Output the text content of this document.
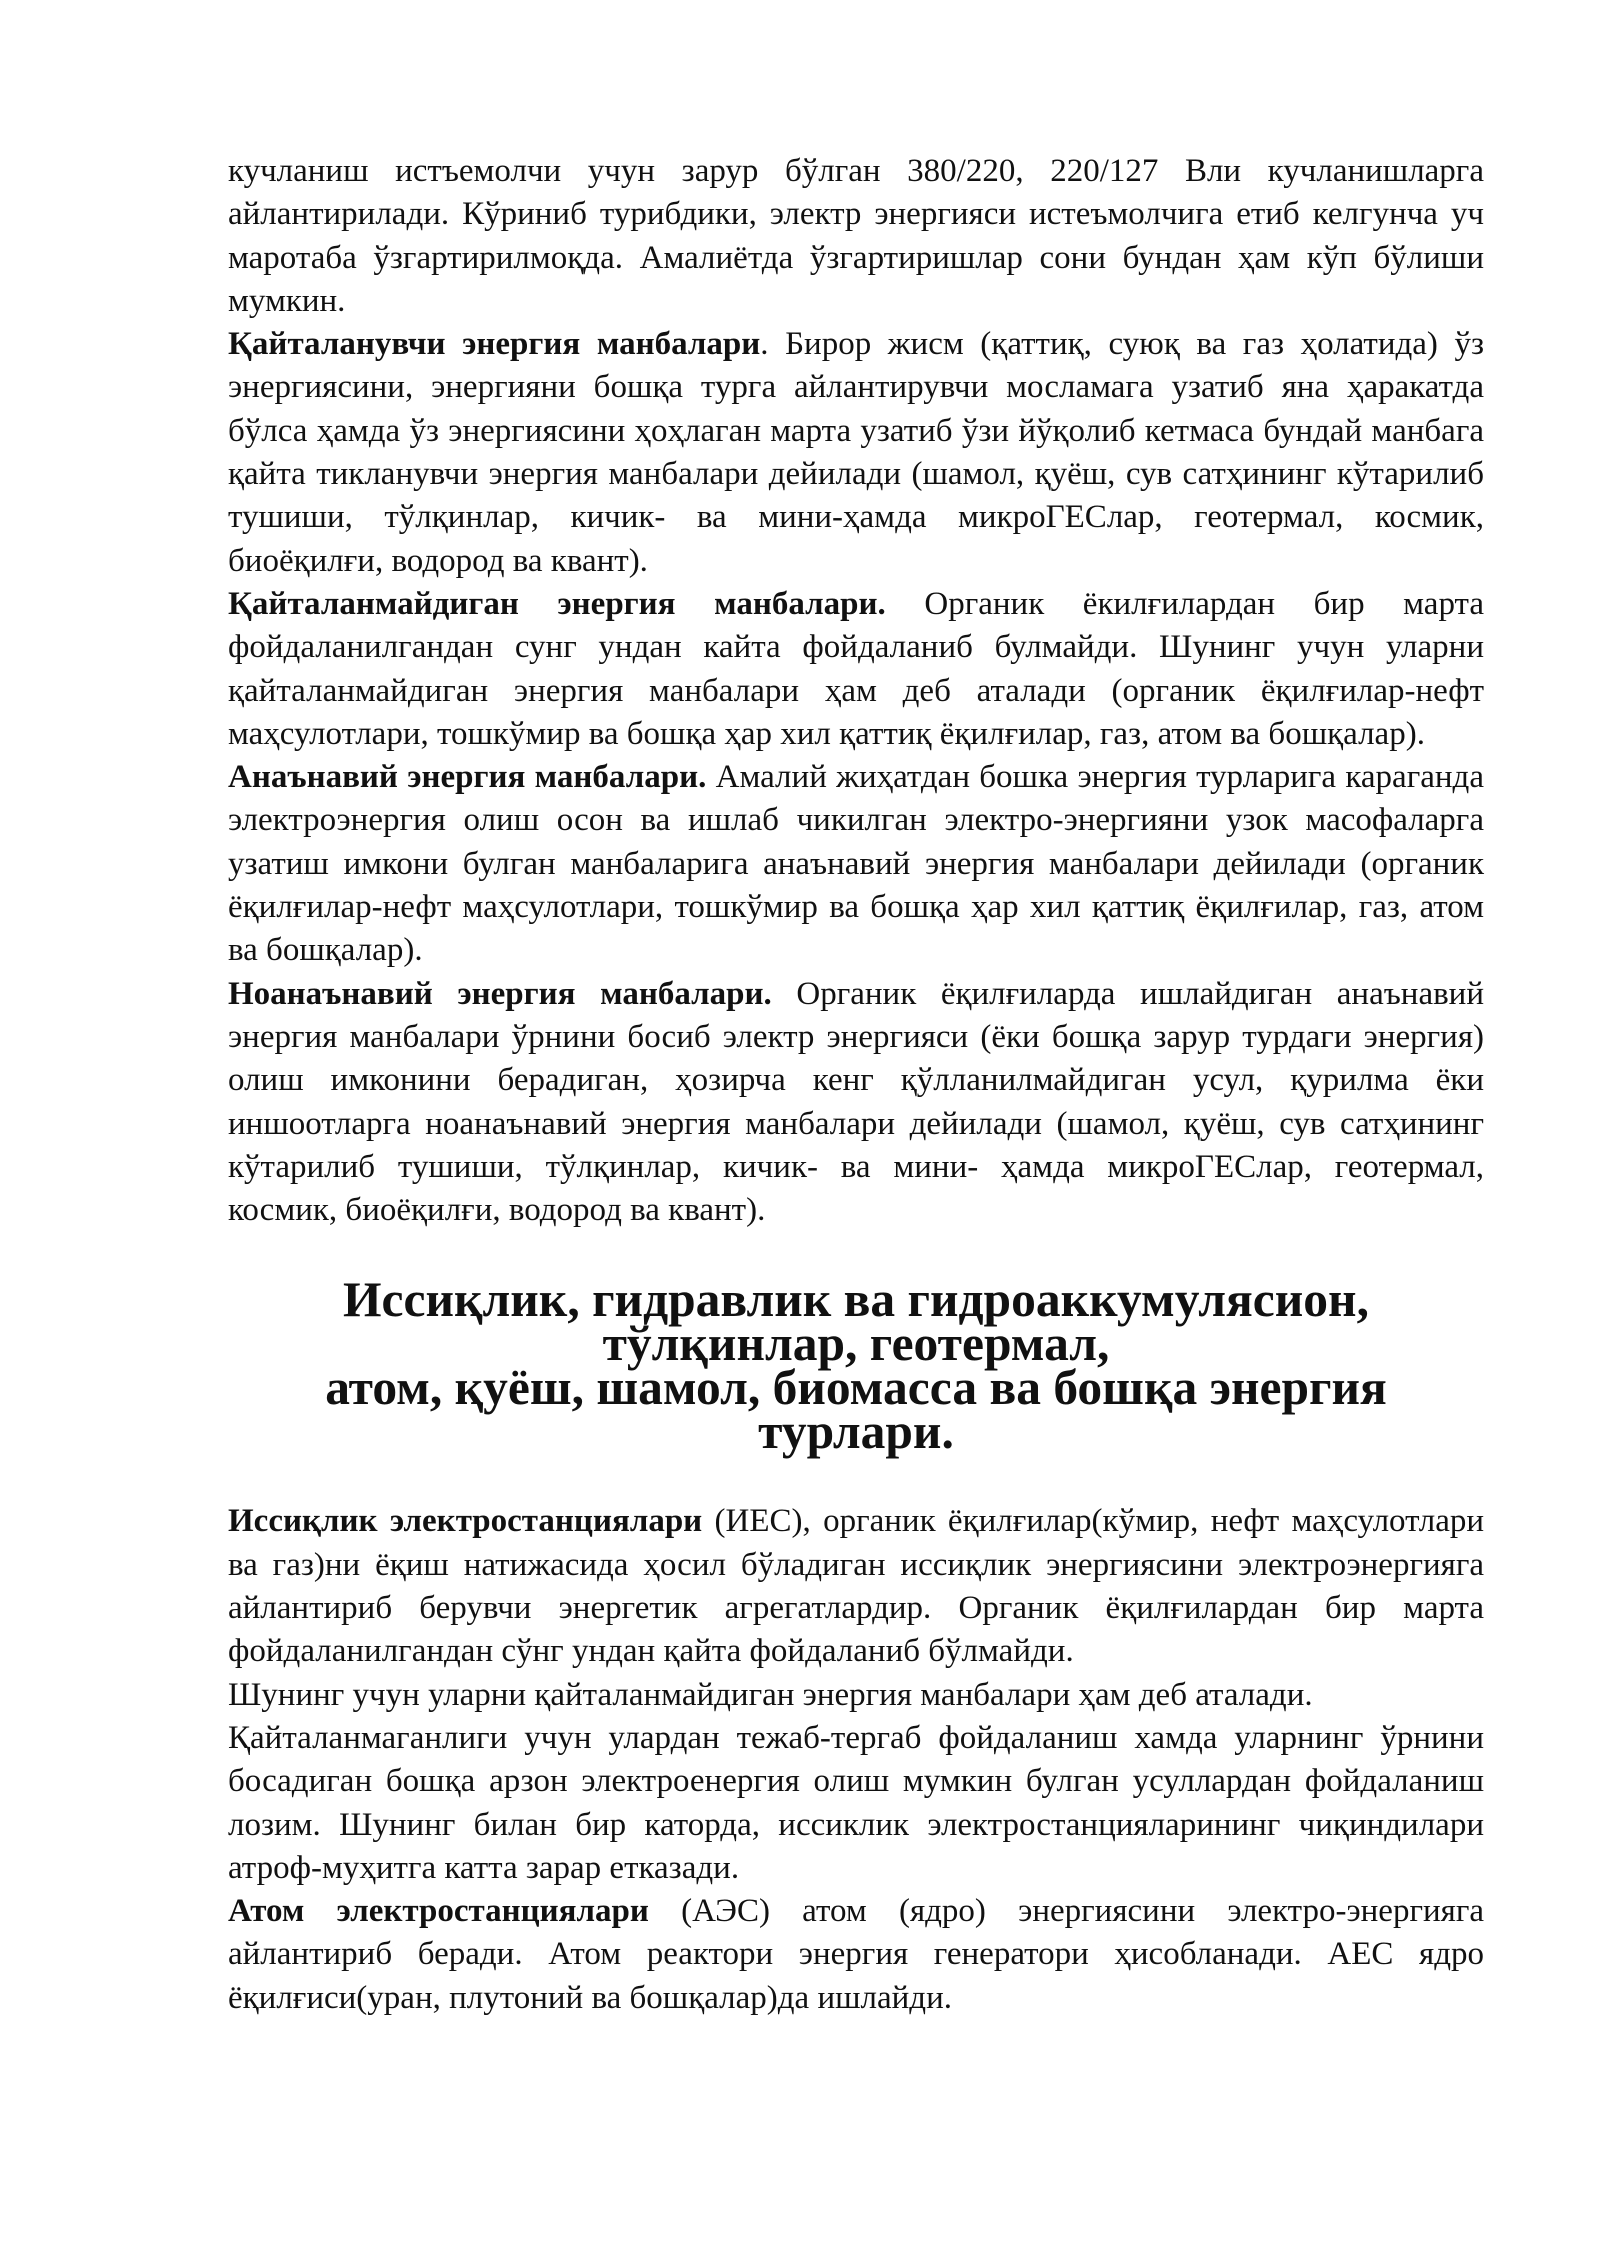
кучланиш истъемолчи учун зарур бўлган 380/220, 220/127 Вли кучланишларга айлантирилади. Кўриниб турибдики, электр энергияси истеъмолчига етиб келгунча уч маротаба ўзгартирилмоқда. Амалиётда ўзгартиришлар сони бундан ҳам кўп бўлиши мумкин.

Қайталанувчи энергия манбалари. Бирор жисм (қаттиқ, суюқ ва газ ҳолатида) ўз энергиясини, энергияни бошқа турга айлантирувчи мосламага узатиб яна ҳаракатда бўлса ҳамда ўз энергиясини ҳоҳлаган марта узатиб ўзи йўқолиб кетмаса бундай манбага қайта тикланувчи энергия манбалари дейилади (шамол, қуёш, сув сатҳининг кўтарилиб тушиши, тўлқинлар, кичик- ва мини-ҳамда микроГЕСлар, геотермал, космик, биоёқилғи, водород ва квант).

Қайталанмайдиган энергия манбалари. Органик ёкилғилардан бир марта фойдаланилгандан сунг ундан кайта фойдаланиб булмайди. Шунинг учун уларни қайталанмайдиган энергия манбалари ҳам деб аталади (органик ёқилғилар-нефт маҳсулотлари, тошкўмир ва бошқа ҳар хил қаттиқ ёқилғилар, газ, атом ва бошқалар).

Анаънавий энергия манбалари. Амалий жиҳатдан бошка энергия турларига караганда электроэнергия олиш осон ва ишлаб чикилган электро-энергияни узок масофаларга узатиш имкони булган манбаларига анаънавий энергия манбалари дейилади (органик ёқилғилар-нефт маҳсулотлари, тошкўмир ва бошқа ҳар хил қаттиқ ёқилғилар, газ, атом ва бошқалар).

Ноанаънавий энергия манбалари. Органик ёқилғиларда ишлайдиган анаънавий энергия манбалари ўрнини босиб электр энергияси (ёки бошқа зарур турдаги энергия) олиш имконини берадиган, ҳозирча кенг қўлланилмайдиган усул, қурилма ёки иншоотларга ноанаънавий энергия манбалари дейилади (шамол, қуёш, сув сатҳининг кўтарилиб тушиши, тўлқинлар, кичик- ва мини- ҳамда микроГЕСлар, геотермал, космик, биоёқилғи, водород ва квант).

Иссиқлик, гидравлик ва гидроаккумулясион, тўлқинлар, геотермал,
атом, қуёш, шамол, биомасса ва бошқа энергия турлари.

Иссиқлик электростанциялари (ИЕС), органик ёқилғилар(кўмир, нефт маҳсулотлари ва газ)ни ёқиш натижасида ҳосил бўладиган иссиқлик энергиясини электроэнергияга айлантириб берувчи энергетик агрегатлардир. Органик ёқилғилардан бир марта фойдаланилгандан сўнг ундан қайта фойдаланиб бўлмайди.

Шунинг учун уларни қайталанмайдиган энергия манбалари ҳам деб аталади.

Қайталанмаганлиги учун улардан тежаб-тергаб фойдаланиш хамда уларнинг ўрнини босадиган бошқа арзон электроенергия олиш мумкин булган усуллардан фойдаланиш лозим. Шунинг билан бир каторда, иссиклик электростанцияларининг чиқиндилари атроф-муҳитга катта зарар етказади.

Атом электростанциялари (АЭС) атом (ядро) энергиясини электро-энергияга айлантириб беради. Атом реактори энергия генератори ҳисобланади. АЕС ядро ёқилғиси(уран, плутоний ва бошқалар)да ишлайди.
